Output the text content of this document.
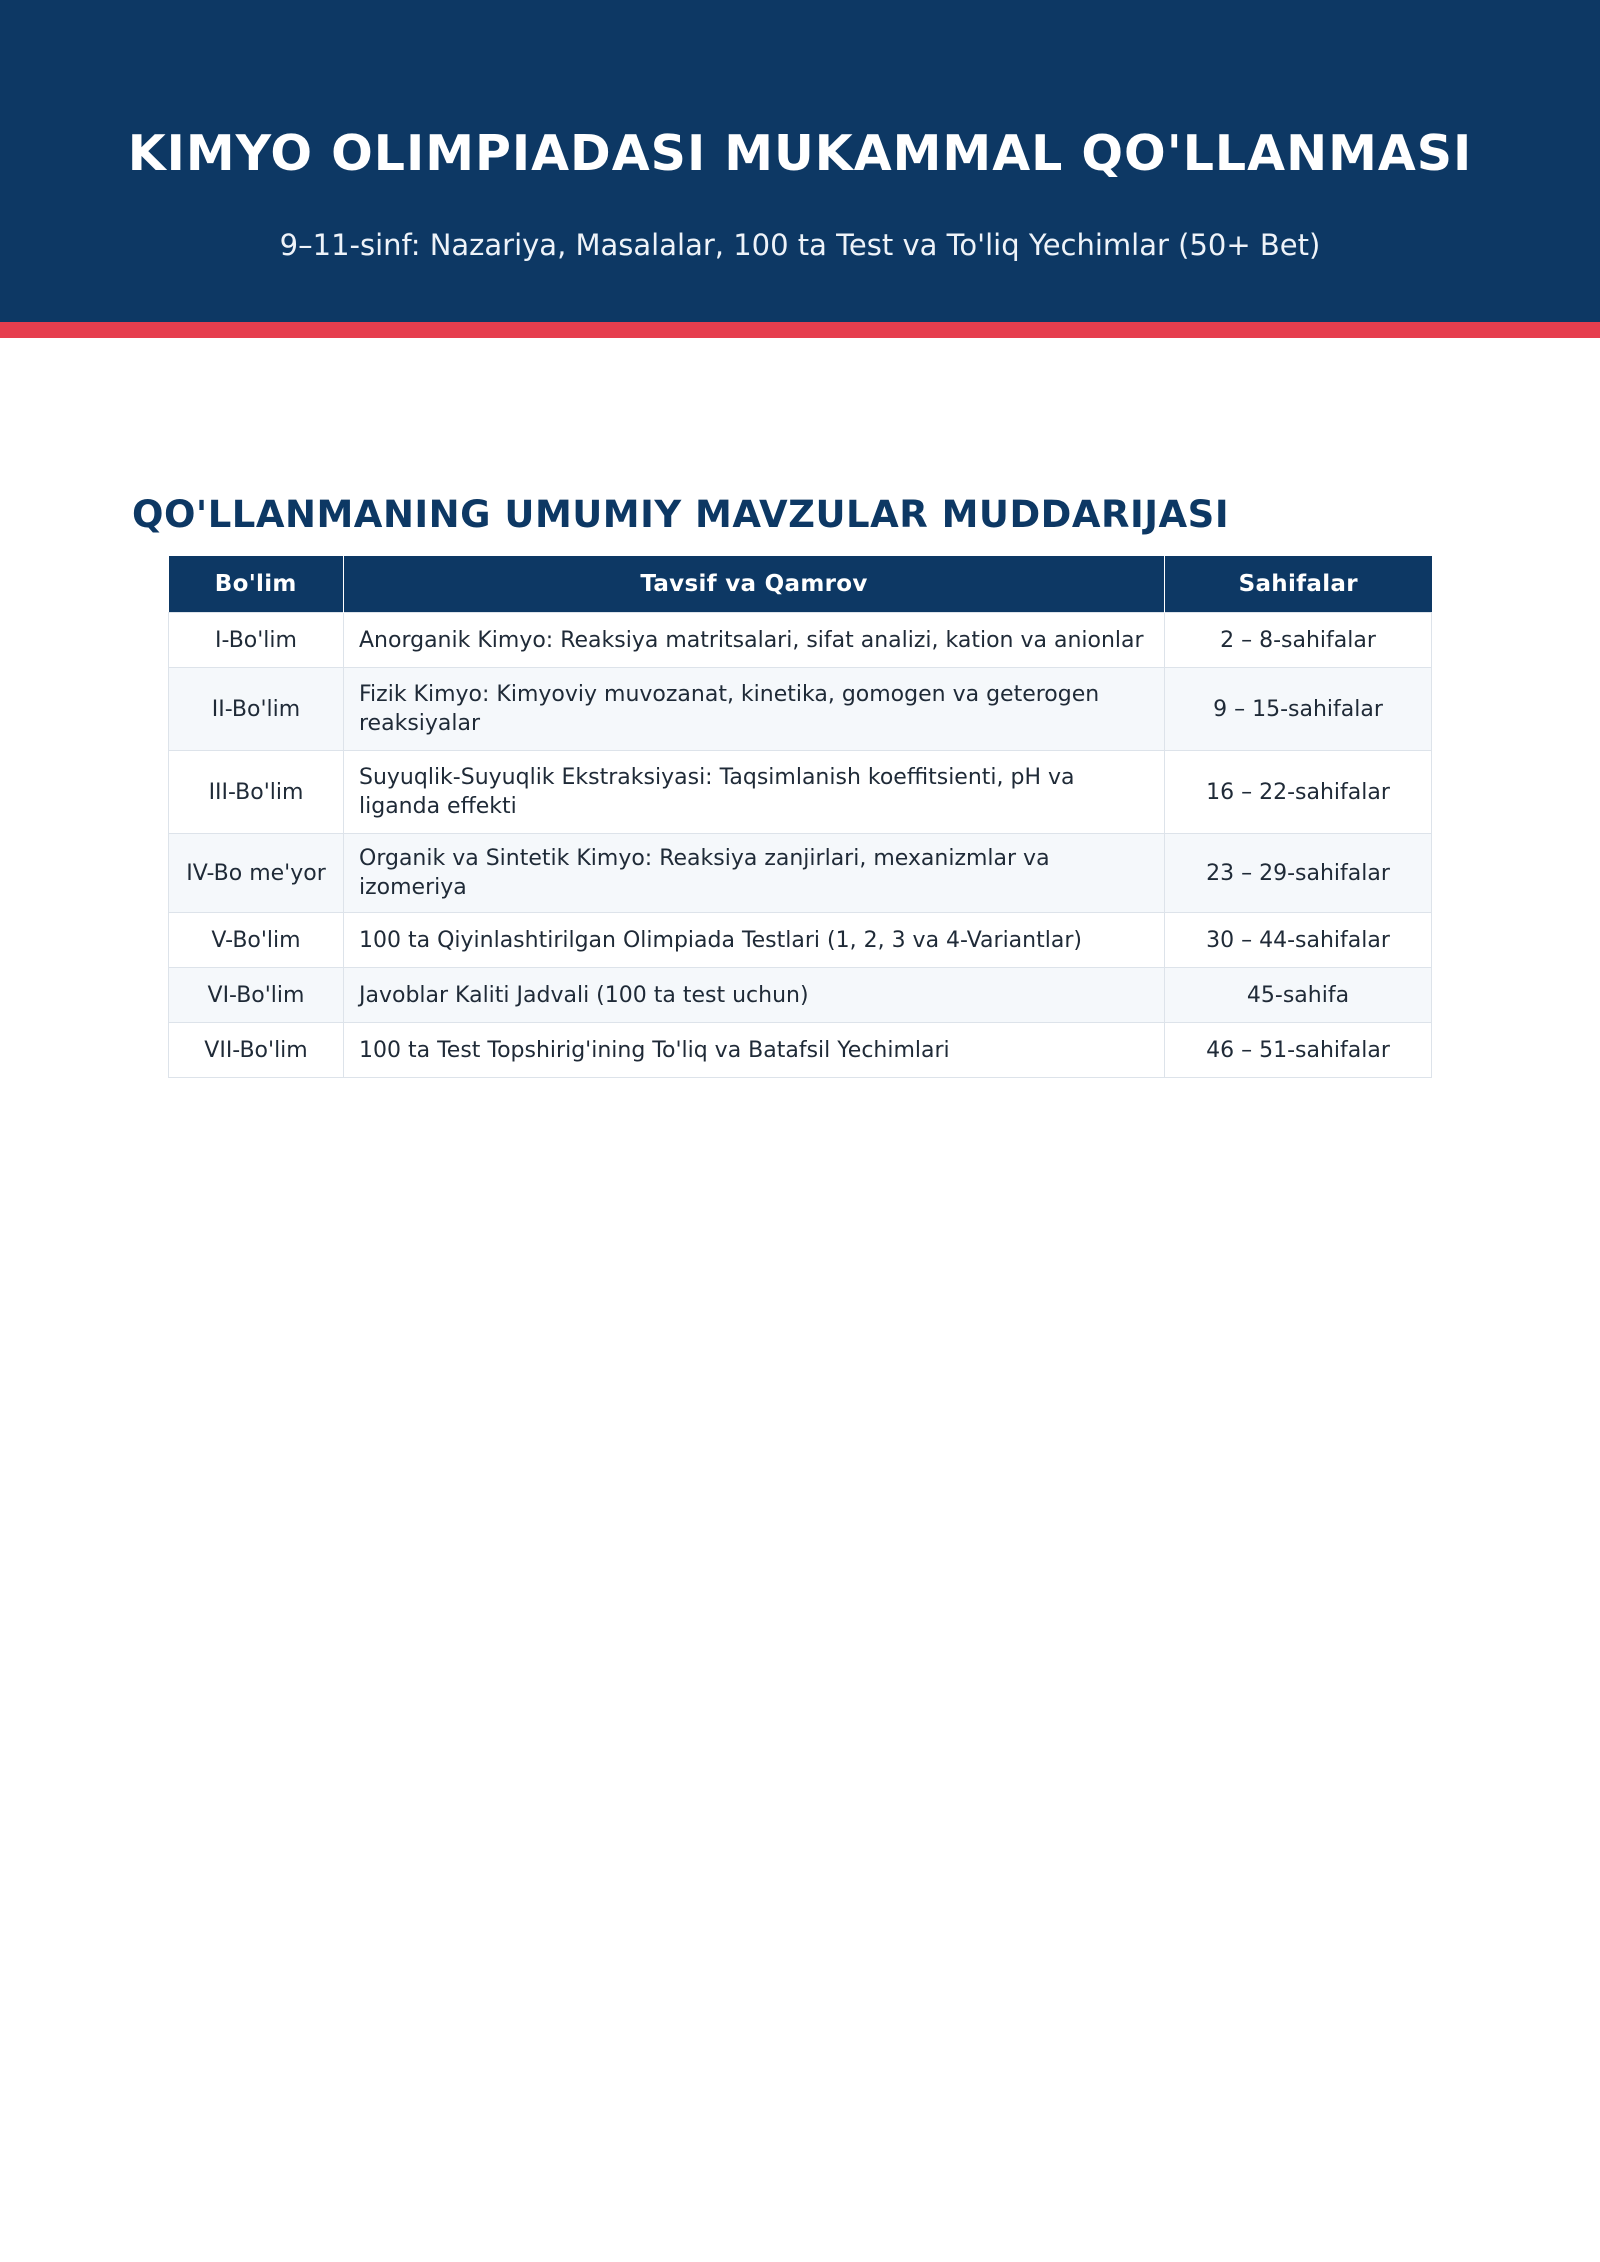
KIMYO OLIMPIADASI MUKAMMAL QO'LLANMASI

9–11-sinf: Nazariya, Masalalar, 100 ta Test va To'liq Yechimlar (50+ Bet)

QO'LLANMANING UMUMIY MAVZULAR MUDDARIJASI
Bo'lim	Tavsif va Qamrov	Sahifalar
I-Bo'lim	Anorganik Kimyo: Reaksiya matritsalari, sifat analizi, kation va anionlar	2 – 8-sahifalar
II-Bo'lim	Fizik Kimyo: Kimyoviy muvozanat, kinetika, gomogen va geterogen reaksiyalar	9 – 15-sahifalar
III-Bo'lim	Suyuqlik-Suyuqlik Ekstraksiyasi: Taqsimlanish koeffitsienti, pH va liganda effekti	16 – 22-sahifalar
IV-Bo me'yor	Organik va Sintetik Kimyo: Reaksiya zanjirlari, mexanizmlar va izomeriya	23 – 29-sahifalar
V-Bo'lim	100 ta Qiyinlashtirilgan Olimpiada Testlari (1, 2, 3 va 4-Variantlar)	30 – 44-sahifalar
VI-Bo'lim	Javoblar Kaliti Jadvali (100 ta test uchun)	45-sahifa
VII-Bo'lim	100 ta Test Topshirig'ining To'liq va Batafsil Yechimlari	46 – 51-sahifalar
